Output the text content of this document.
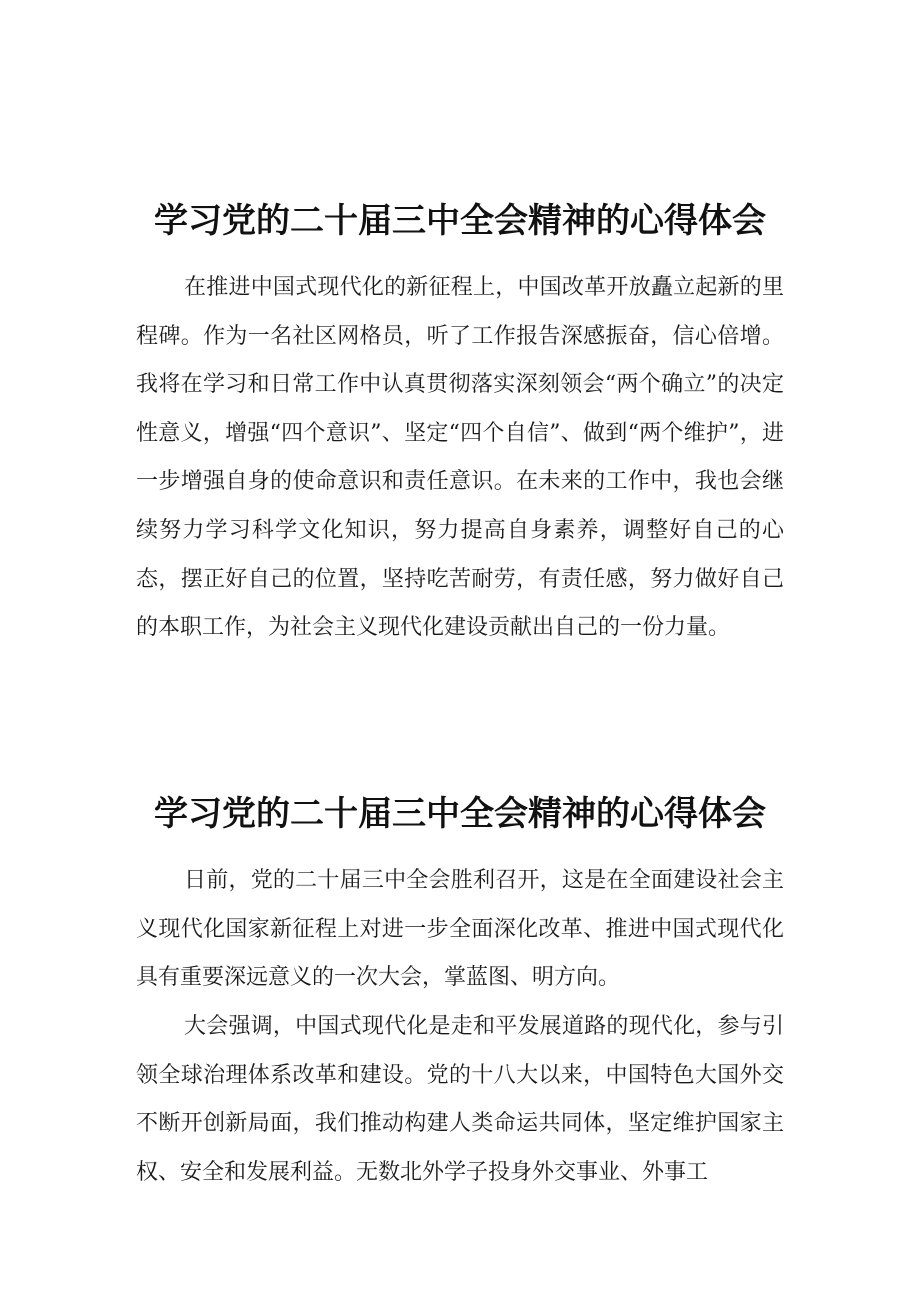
学习党的二十届三中全会精神的心得体会

在推进中国式现代化的新征程上，中国改革开放矗立起新的里程碑。作为一名社区网格员，听了工作报告深感振奋，信心倍增。我将在学习和日常工作中认真贯彻落实深刻领会“两个确立”的决定性意义，增强“四个意识”、坚定“四个自信”、做到“两个维护”，进一步增强自身的使命意识和责任意识。在未来的工作中，我也会继续努力学习科学文化知识，努力提高自身素养，调整好自己的心态，摆正好自己的位置，坚持吃苦耐劳，有责任感，努力做好自己的本职工作，为社会主义现代化建设贡献出自己的一份力量。

学习党的二十届三中全会精神的心得体会

日前，党的二十届三中全会胜利召开，这是在全面建设社会主义现代化国家新征程上对进一步全面深化改革、推进中国式现代化具有重要深远意义的一次大会，掌蓝图、明方向。

大会强调，中国式现代化是走和平发展道路的现代化，参与引领全球治理体系改革和建设。党的十八大以来，中国特色大国外交不断开创新局面，我们推动构建人类命运共同体，坚定维护国家主权、安全和发展利益。无数北外学子投身外交事业、外事工
